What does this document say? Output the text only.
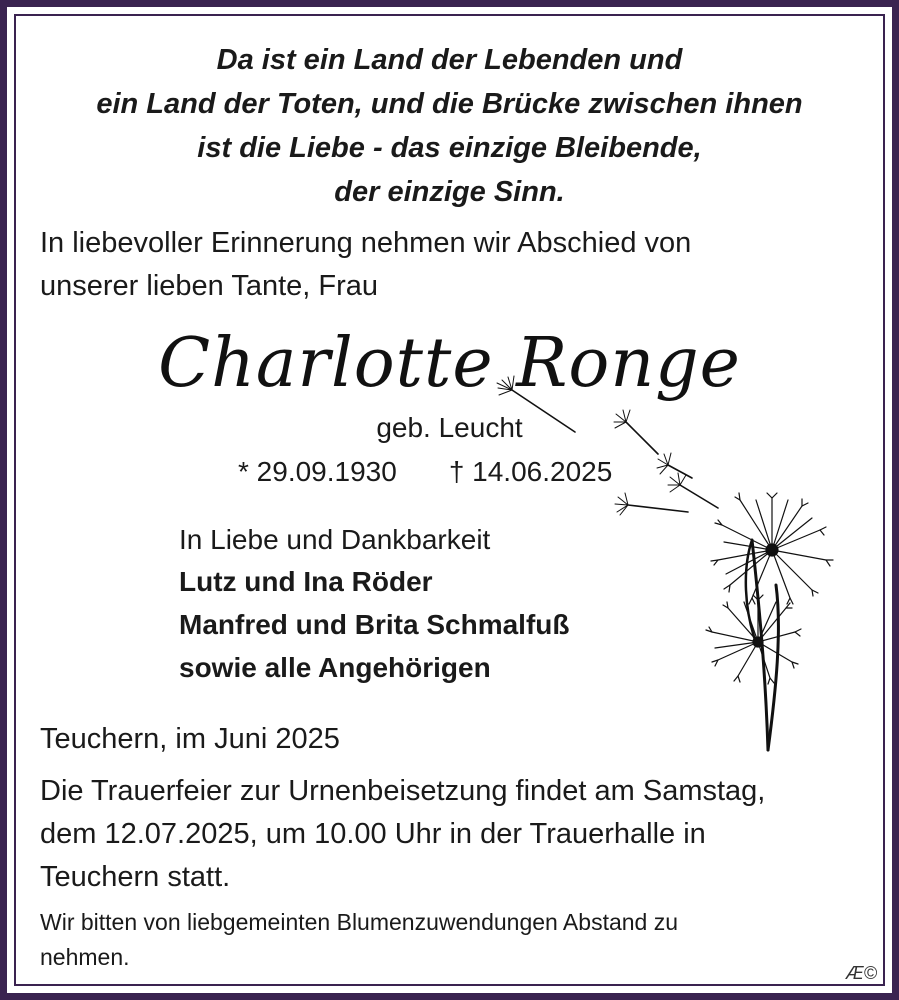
Da ist ein Land der Lebenden und
ein Land der Toten, und die Brücke zwischen ihnen
ist die Liebe - das einzige Bleibende,
der einzige Sinn.
In liebevoller Erinnerung nehmen wir Abschied von
unserer lieben Tante, Frau
Charlotte Ronge
geb. Leucht
* 29.09.1930 † 14.06.2025
In Liebe und Dankbarkeit
Lutz und Ina Röder
Manfred und Brita Schmalfuß
sowie alle Angehörigen
Teuchern, im Juni 2025
Die Trauerfeier zur Urnenbeisetzung findet am Samstag,
dem 12.07.2025, um 10.00 Uhr in der Trauerhalle in
Teuchern statt.
Wir bitten von liebgemeinten Blumenzuwendungen Abstand zu
nehmen.
Æ©
